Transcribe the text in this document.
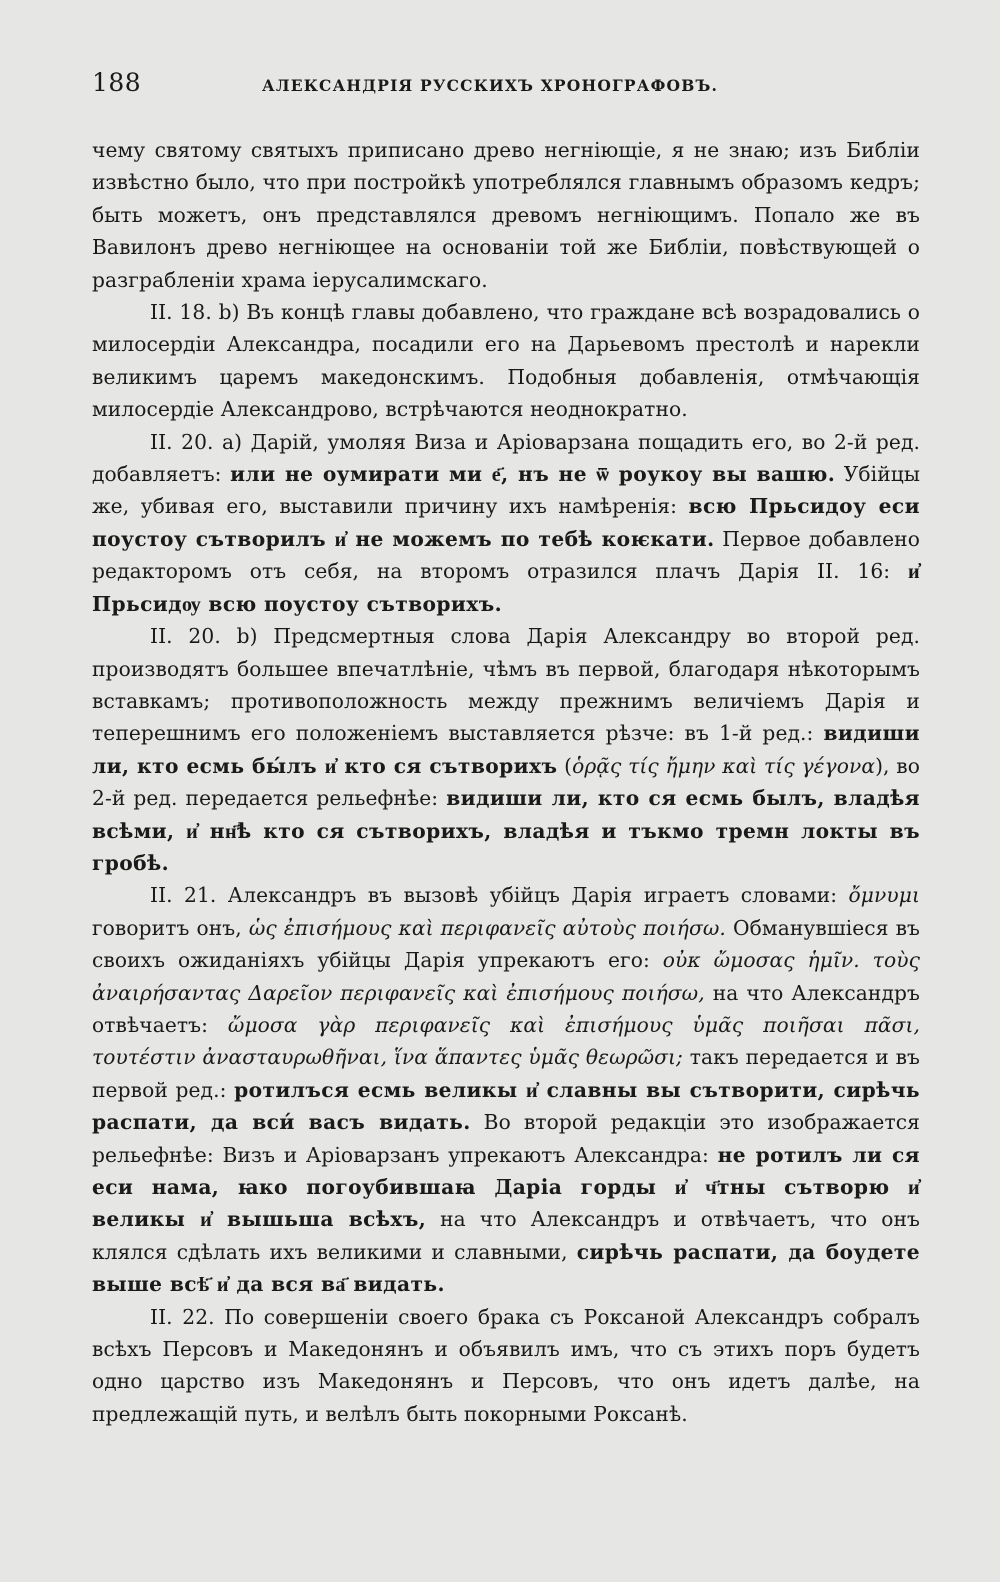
188	АЛЕКСАНДРІЯ РУССКИХЪ ХРОНОГРАФОВЪ.

чему святому святыхъ приписано древо негніющіе, я не знаю; изъ Библіи извѣстно было, что при постройкѣ употреблялся главнымъ образомъ кедръ; быть можетъ, онъ представлялся древомъ негніющимъ. Попало же въ Вавилонъ древо негніющее на основаніи той же Библіи, повѣствующей о разграбленіи храма іерусалимскаго.

II. 18. b) Въ концѣ главы добавлено, что граждане всѣ возрадовались о милосердіи Александра, посадили его на Дарьевомъ престолѣ и нарекли великимъ царемъ македонскимъ. Подобныя добавленія, отмѣчающія милосердіе Александрово, встрѣчаются неоднократно.

II. 20. a) Дарій, умоляя Виза и Аріоварзана пощадить его, во 2-й ред. добавляетъ: или не оумирати ми е҃, нъ не ѿ роукоу вы вашю. Убійцы же, убивая его, выставили причину ихъ намѣренія: всю Прьсидоу еси поустоу сътворилъ и҆ не можемъ по тебѣ коѥкати. Первое добавлено редакторомъ отъ себя, на второмъ отразился плачъ Дарія II. 16: и҆ Прьсидѹ всю поустоу сътворихъ.

II. 20. b) Предсмертныя слова Дарія Александру во второй ред. производятъ большее впечатлѣніе, чѣмъ въ первой, благодаря нѣкоторымъ вставкамъ; противоположность между прежнимъ величіемъ Дарія и теперешнимъ его положеніемъ выставляется рѣзче: въ 1-й ред.: видиши ли, кто есмь бы́лъ и҆ кто ся сътворихъ (ὁρᾷς τίς ἤμην καὶ τίς γέγονα), во 2-й ред. передается рельефнѣе: видиши ли, кто ся есмь былъ, владѣя всѣми, и҆ нн҃ѣ кто ся сътворихъ, владѣя и тъкмо тремн локты въ гробѣ.

II. 21. Александръ въ вызовѣ убійцъ Дарія играетъ словами: ὄμνυμι говоритъ онъ, ὡς ἐπισήμους καὶ περιφανεῖς αὐτοὺς ποιήσω. Обманувшіеся въ своихъ ожиданіяхъ убійцы Дарія упрекаютъ его: οὐκ ὤμοσας ἡμῖν. τοὺς ἀναιρήσαντας Δαρεῖον περιφανεῖς καὶ ἐπισήμους ποιήσω, на что Александръ отвѣчаетъ: ὤμοσα γὰρ περιφανεῖς καὶ ἐπισήμους ὑμᾶς ποιῆσαι πᾶσι, τουτέστιν ἀνασταυρωθῆναι, ἵνα ἅπαντες ὑμᾶς θεωρῶσι; такъ передается и въ первой ред.: ротилъся есмь великы и҆ славны вы сътворити, сирѣчь распати, да вси́ васъ видать. Во второй редакціи это изображается рельефнѣе: Визъ и Аріоварзанъ упрекаютъ Александра: не ротилъ ли ся еси нама, ꙗко погоубившаꙗ Даріа горды и҆ ч҃тны сътворю и҆ великы и҆ вышьша всѣхъ, на что Александръ и отвѣчаетъ, что онъ клялся сдѣлать ихъ великими и славными, сирѣчь распати, да боудете выше всѣ҃ и҆ да вся ва҃ видать.

II. 22. По совершеніи своего брака съ Роксаной Александръ собралъ всѣхъ Персовъ и Македонянъ и объявилъ имъ, что съ этихъ поръ будетъ одно царство изъ Македонянъ и Персовъ, что онъ идетъ далѣе, на предлежащій путь, и велѣлъ быть покорными Роксанѣ.
